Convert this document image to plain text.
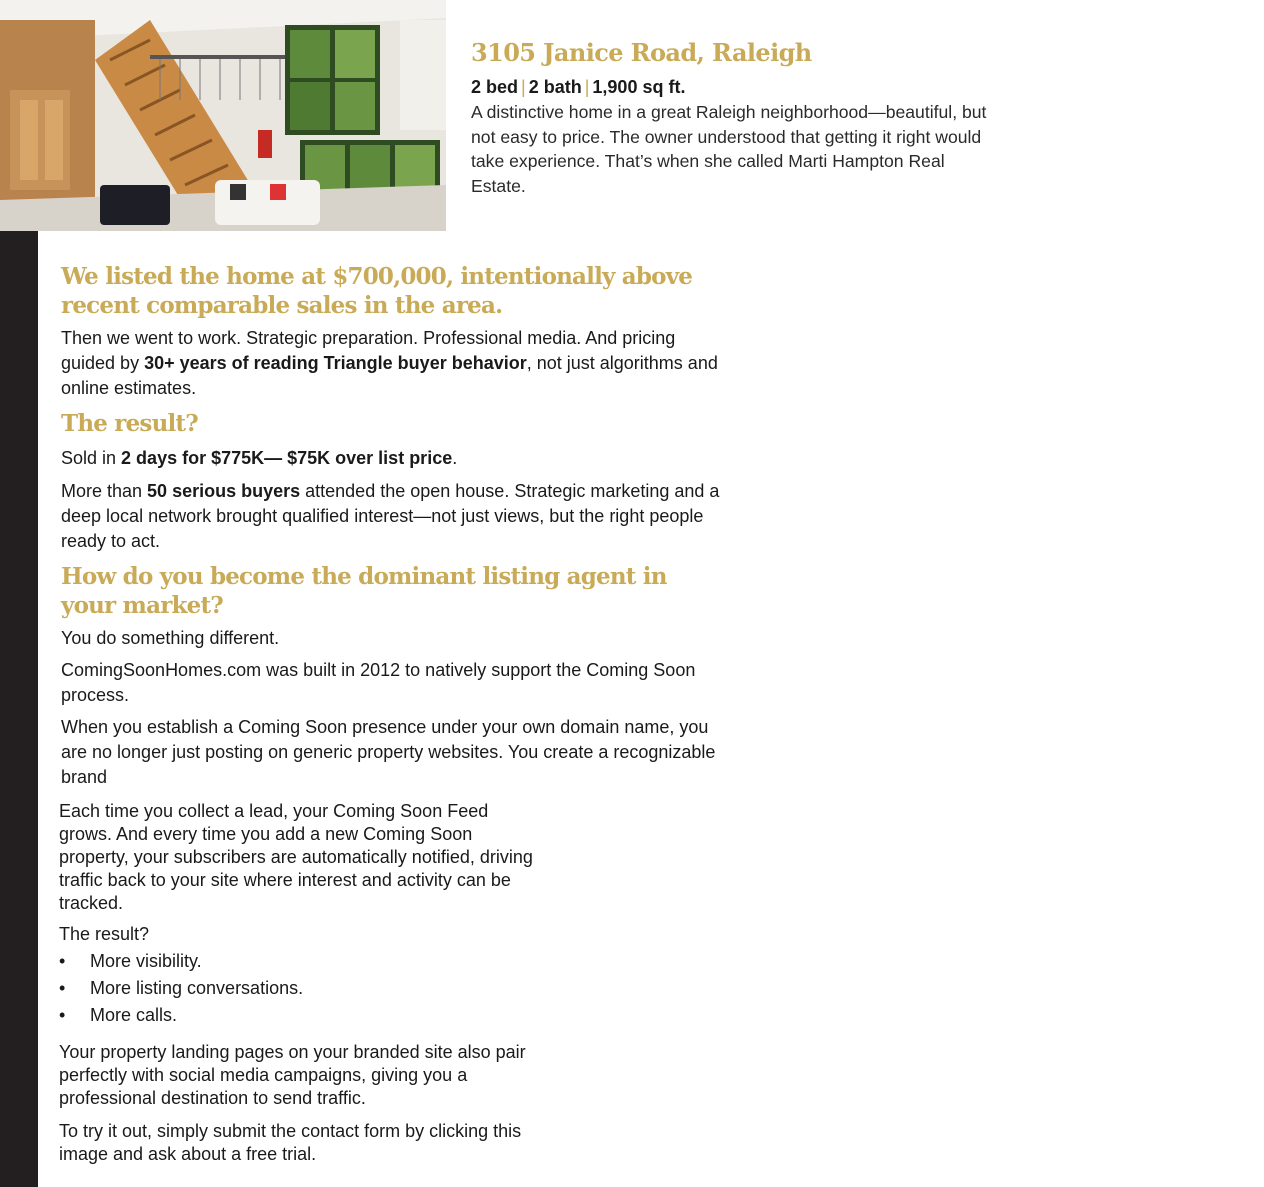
3105 Janice Road, Raleigh
2 bed | 2 bath | 1,900 sq ft.

A distinctive home in a great Raleigh neighborhood—beautiful, but not easy to price. The owner understood that getting it right would take experience. That’s when she called Marti Hampton Real Estate.

We listed the home at $700,000, intentionally above recent comparable sales in the area.

Then we went to work. Strategic preparation. Professional media. And pricing guided by 30+ years of reading Triangle buyer behavior, not just algorithms and online estimates.

The result?

Sold in 2 days for $775K— $75K over list price.

More than 50 serious buyers attended the open house. Strategic marketing and a deep local network brought qualified interest—not just views, but the right people ready to act.

How do you become the dominant listing agent in your market?

You do something different.

ComingSoonHomes.com was built in 2012 to natively support the Coming Soon process.

When you establish a Coming Soon presence under your own domain name, you are no longer just posting on generic property websites. You create a recognizable brand

Each time you collect a lead, your Coming Soon Feed grows. And every time you add a new Coming Soon property, your subscribers are automatically notified, driving traffic back to your site where interest and activity can be tracked.

The result?

• More visibility.
• More listing conversations.
• More calls.

Your property landing pages on your branded site also pair perfectly with social media campaigns, giving you a professional destination to send traffic.

To try it out, simply submit the contact form by clicking this image and ask about a free trial.
